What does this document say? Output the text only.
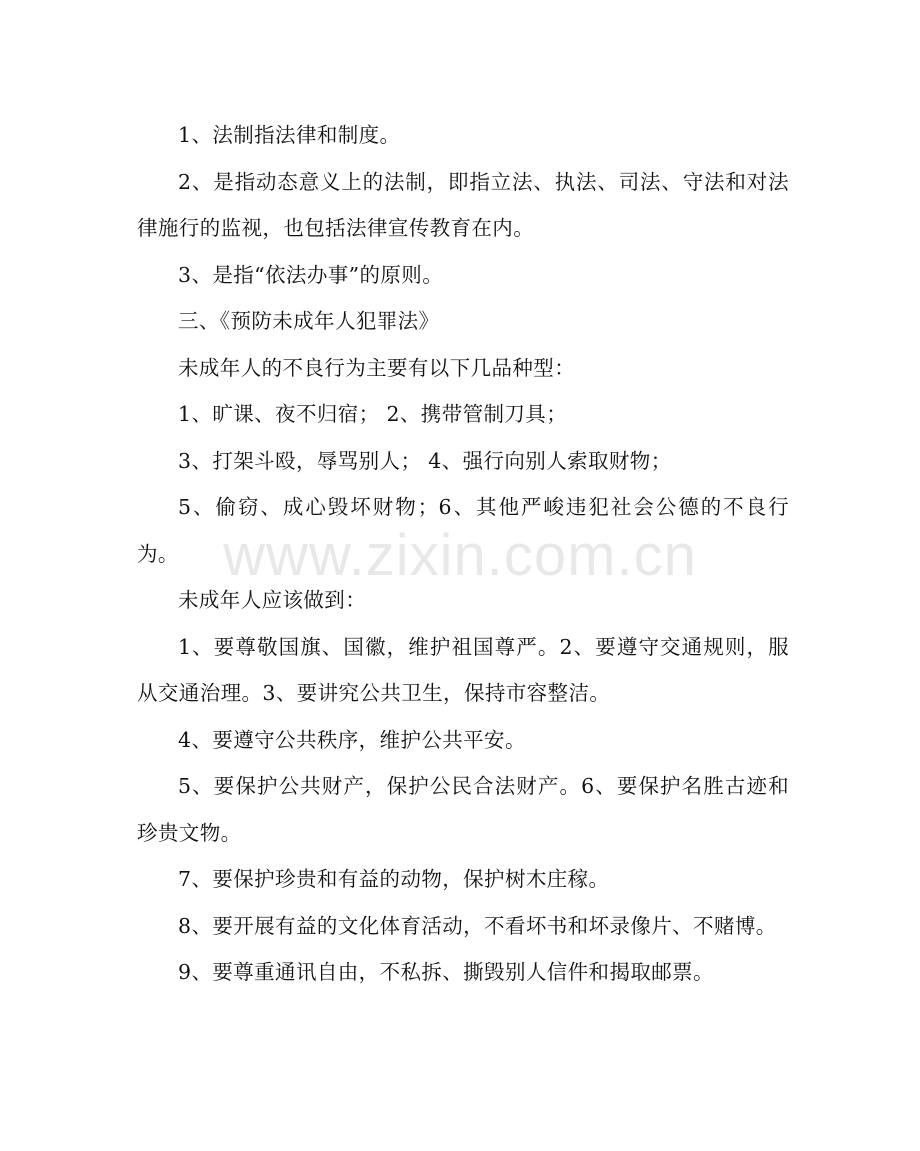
1、法制指法律和制度。

2、是指动态意义上的法制，即指立法、执法、司法、守法和对法律施行的监视，也包括法律宣传教育在内。

3、是指“依法办事”的原则。

三、《预防未成年人犯罪法》

未成年人的不良行为主要有以下几品种型：

1、旷课、夜不归宿； 2、携带管制刀具；

3、打架斗殴，辱骂别人； 4、强行向别人索取财物；

5、偷窃、成心毁坏财物；6、其他严峻违犯社会公德的不良行为。

未成年人应该做到：

1、要尊敬国旗、国徽，维护祖国尊严。2、要遵守交通规则，服从交通治理。3、要讲究公共卫生，保持市容整洁。

4、要遵守公共秩序，维护公共平安。

5、要保护公共财产，保护公民合法财产。6、要保护名胜古迹和珍贵文物。

7、要保护珍贵和有益的动物，保护树木庄稼。

8、要开展有益的文化体育活动，不看坏书和坏录像片、不赌博。

9、要尊重通讯自由，不私拆、撕毁别人信件和揭取邮票。

www.zixin.com.cn
